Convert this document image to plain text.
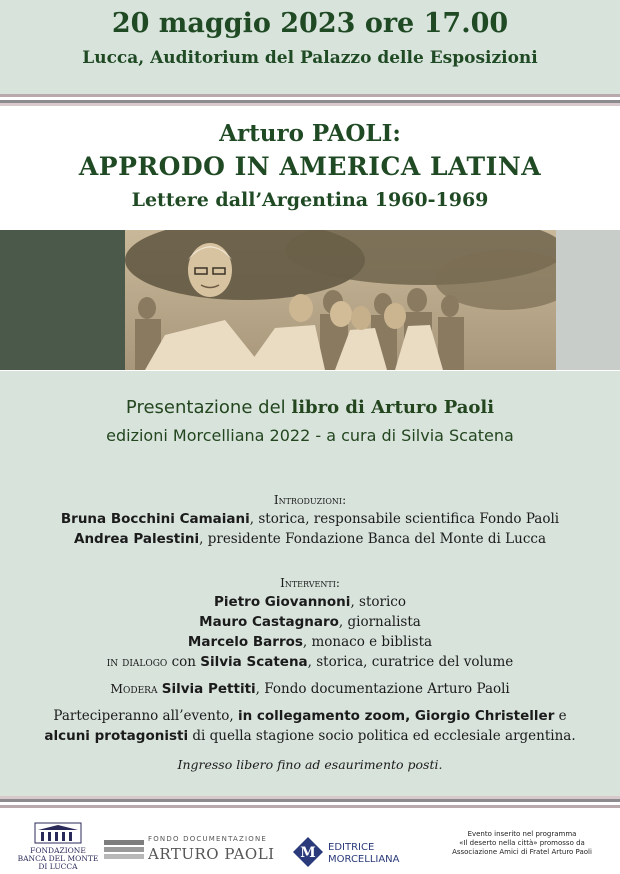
20 maggio 2023 ore 17.00
Lucca, Auditorium del Palazzo delle Esposizioni
Arturo PAOLI:
APPRODO IN AMERICA LATINA
Lettere dall’Argentina 1960-1969
Presentazione del libro di Arturo Paoli
edizioni Morcelliana 2022 - a cura di Silvia Scatena
Introduzioni:
Bruna Bocchini Camaiani, storica, responsabile scientifica Fondo Paoli
Andrea Palestini, presidente Fondazione Banca del Monte di Lucca
Interventi:
Pietro Giovannoni, storico
Mauro Castagnaro, giornalista
Marcelo Barros, monaco e biblista
in dialogo con Silvia Scatena, storica, curatrice del volume
Modera Silvia Pettiti, Fondo documentazione Arturo Paoli
Parteciperanno all’evento, in collegamento zoom, Giorgio Christeller e alcuni protagonisti di quella stagione socio politica ed ecclesiale argentina.
Ingresso libero fino ad esaurimento posti.
FONDAZIONE
BANCA DEL MONTE
DI LUCCA
FONDO DOCUMENTAZIONE
ARTURO PAOLI	M EDITRICE
MORCELLIANA
Evento inserito nel programma
«Il deserto nella città» promosso da
Associazione Amici di Fratel Arturo Paoli
